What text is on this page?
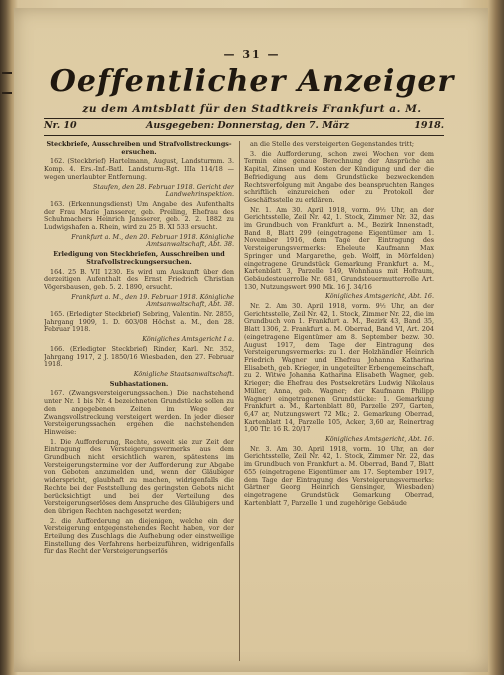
— 31 —
Oeffentlicher Anzeiger
zu dem Amtsblatt für den Stadtkreis Frankfurt a. M.
Nr. 10	Ausgegeben: Donnerstag, den 7. März	1918.

Steckbriefe, Ausschreiben und Strafvollstreckungs-ersuchen.

162. (Steckbrief) Hartelmann, August, Landsturmm. 3. Komp. 4. Ers.-Inf.-Batl. Landsturm-Rgt. IIIa 114/18 — wegen unerlaubter Entfernung.

Staufen, den 28. Februar 1918. Gericht der Landwehrinspektion.

163. (Erkennungsdienst) Um Angabe des Aufenthalts der Frau Marie Jansserer, geb. Preiling, Ehefrau des Schuhmachers Heinrich Jansserer, geb. 2. 2. 1882 zu Ludwigshafen a. Rhein, wird zu 25 B. XI 533 ersucht.

Frankfurt a. M., den 20. Februar 1918. Königliche Amtsanwaltschaft, Abt. 38.

Erledigung von Steckbriefen, Ausschreiben und Strafvollstreckungsersuchen.

164. 25 B. VII 1230. Es wird um Auskunft über den derzeitigen Aufenthalt des Ernst Friedrich Christian Vögersbausen, geb. 5. 2. 1890, ersucht.

Frankfurt a. M., den 19. Februar 1918. Königliche Amtsanwaltschaft, Abt. 38.

165. (Erledigter Steckbrief) Sebring, Valentin. Nr. 2855, Jahrgang 1909, 1. D. 603/08 Höchst a. M., den 28. Februar 1918.

Königliches Amtsgericht I a.

166. (Erledigter Steckbrief) Rinder, Karl. Nr. 352, Jahrgang 1917, 2 J. 1850/16 Wiesbaden, den 27. Februar 1918.

Königliche Staatsanwaltschaft.

Subhastationen.

167. (Zwangsversteigerungssachen.) Die nachstehend unter Nr. 1 bis Nr. 4 bezeichneten Grundstücke sollen zu den angegebenen Zeiten im Wege der Zwangsvollstreckung versteigert werden. In jeder dieser Versteigerungssachen ergehen die nachstehenden Hinweise:

1. Die Aufforderung, Rechte, soweit sie zur Zeit der Eintragung des Versteigerungsvermerks aus dem Grundbuch nicht ersichtlich waren, spätestens im Versteigerungstermine vor der Aufforderung zur Abgabe von Geboten anzumelden und, wenn der Gläubiger widerspricht, glaubhaft zu machen, widrigenfalls die Rechte bei der Feststellung des geringsten Gebots nicht berücksichtigt und bei der Verteilung des Versteigerungserlöses dem Anspruche des Gläubigers und den übrigen Rechten nachgesetzt werden;

2. die Aufforderung an diejenigen, welche ein der Versteigerung entgegenstehendes Recht haben, vor der Erteilung des Zuschlags die Aufhebung oder einstweilige Einstellung des Verfahrens herbeizuführen, widrigenfalls für das Recht der Versteigerungserlös

an die Stelle des versteigerten Gegenstandes tritt;

3. die Aufforderung, schon zwei Wochen vor dem Termin eine genaue Berechnung der Ansprüche an Kapital, Zinsen und Kosten der Kündigung und der die Befriedigung aus dem Grundstücke bezweckenden Rechtsverfolgung mit Angabe des beanspruchten Ranges schriftlich einzureichen oder zu Protokoll der Geschäftsstelle zu erklären.

Nr. 1. Am 30. April 1918, vorm. 9½ Uhr, an der Gerichtsstelle, Zeil Nr. 42, 1. Stock, Zimmer Nr. 32, das im Grundbuch von Frankfurt a. M., Bezirk Innenstadt, Band 8, Blatt 299 (eingetragene Eigentümer am 1. November 1916, dem Tage der Eintragung des Versteigerungsvermerks: Eheleute Kaufmann Max Springer und Margarethe, geb. Wolff, in Mörfelden) eingetragene Grundstück Gemarkung Frankfurt a. M., Kartenblatt 3, Parzelle 149, Wohnhaus mit Hofraum, Gebäudesteuerrolle Nr. 681, Grundsteuermutterrolle Art. 130, Nutzungswert 990 Mk. 16 J. 34/16

Königliches Amtsgericht, Abt. 16.

Nr. 2. Am 30. April 1918, vorm. 9½ Uhr, an der Gerichtsstelle, Zeil Nr. 42, 1. Stock, Zimmer Nr. 22, die im Grundbuch von 1. Frankfurt a. M., Bezirk 43, Band 35, Blatt 1306, 2. Frankfurt a. M. Oberrad, Band VI, Art. 204 (eingetragene Eigentümer am 8. September bezw. 30. August 1917, dem Tage der Eintragung des Versteigerungsvermerks: zu 1. der Holzhändler Heinrich Friedrich Wagner und Ehefrau Johanna Katharina Elisabeth, geb. Krieger, in ungeteilter Erbengemeinschaft, zu 2. Witwe Johanna Katharina Elisabeth Wagner, geb. Krieger; die Ehefrau des Postsekretärs Ludwig Nikolaus Müller, Anna, geb. Wagner; der Kaufmann Philipp Wagner) eingetragenen Grundstücke: 1. Gemarkung Frankfurt a. M., Kartenblatt 80, Parzelle 297, Garten, 6,47 ar, Nutzungswert 72 Mk.; 2. Gemarkung Oberrad, Kartenblatt 14, Parzelle 105, Acker, 3,60 ar, Reinertrag 1,00 Tlr. 16 R. 20/17

Königliches Amtsgericht, Abt. 16.

Nr. 3. Am 30. April 1918, vorm. 10 Uhr, an der Gerichtsstelle, Zeil Nr. 42, 1. Stock, Zimmer Nr. 22, das im Grundbuch von Frankfurt a. M. Oberrad, Band 7, Blatt 655 (eingetragene Eigentümer am 17. September 1917, dem Tage der Eintragung des Versteigerungsvermerks: Gärtner Georg Heinrich Gensinger, Wiesbaden) eingetragene Grundstück Gemarkung Oberrad, Kartenblatt 7, Parzelle 1 und zugehörige Gebäude
